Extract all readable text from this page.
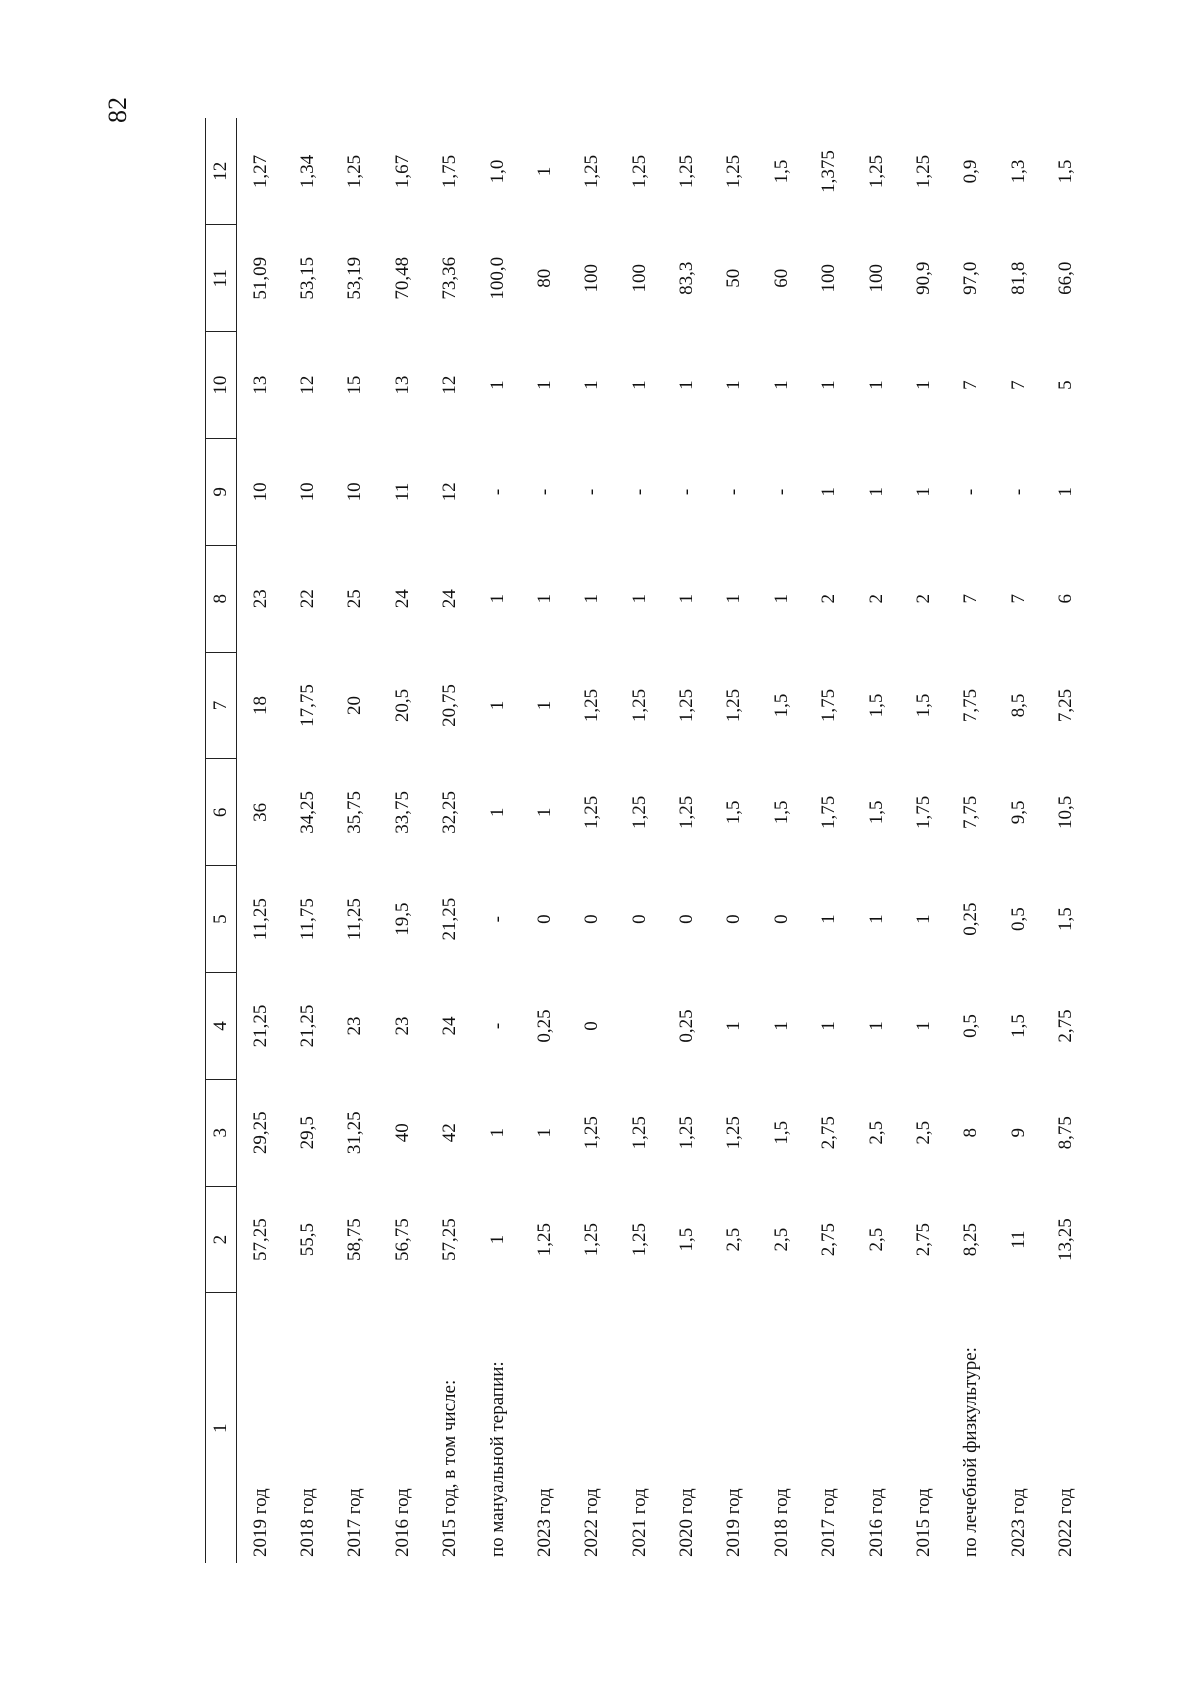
82
1	2	3	4	5	6	7	8	9	10	11	12
2019 год	57,25	29,25	21,25	11,25	36	18	23	10	13	51,09	1,27
2018 год	55,5	29,5	21,25	11,75	34,25	17,75	22	10	12	53,15	1,34
2017 год	58,75	31,25	23	11,25	35,75	20	25	10	15	53,19	1,25
2016 год	56,75	40	23	19,5	33,75	20,5	24	11	13	70,48	1,67
2015 год, в том числе:	57,25	42	24	21,25	32,25	20,75	24	12	12	73,36	1,75
по мануальной терапии:	1	1	-	-	1	1	1	-	1	100,0	1,0
2023 год	1,25	1	0,25	0	1	1	1	-	1	80	1
2022 год	1,25	1,25	0	0	1,25	1,25	1	-	1	100	1,25
2021 год	1,25	1,25		0	1,25	1,25	1	-	1	100	1,25
2020 год	1,5	1,25	0,25	0	1,25	1,25	1	-	1	83,3	1,25
2019 год	2,5	1,25	1	0	1,5	1,25	1	-	1	50	1,25
2018 год	2,5	1,5	1	0	1,5	1,5	1	-	1	60	1,5
2017 год	2,75	2,75	1	1	1,75	1,75	2	1	1	100	1,375
2016 год	2,5	2,5	1	1	1,5	1,5	2	1	1	100	1,25
2015 год	2,75	2,5	1	1	1,75	1,5	2	1	1	90,9	1,25
по лечебной физкультуре:	8,25	8	0,5	0,25	7,75	7,75	7	-	7	97,0	0,9
2023 год	11	9	1,5	0,5	9,5	8,5	7	-	7	81,8	1,3
2022 год	13,25	8,75	2,75	1,5	10,5	7,25	6	1	5	66,0	1,5
